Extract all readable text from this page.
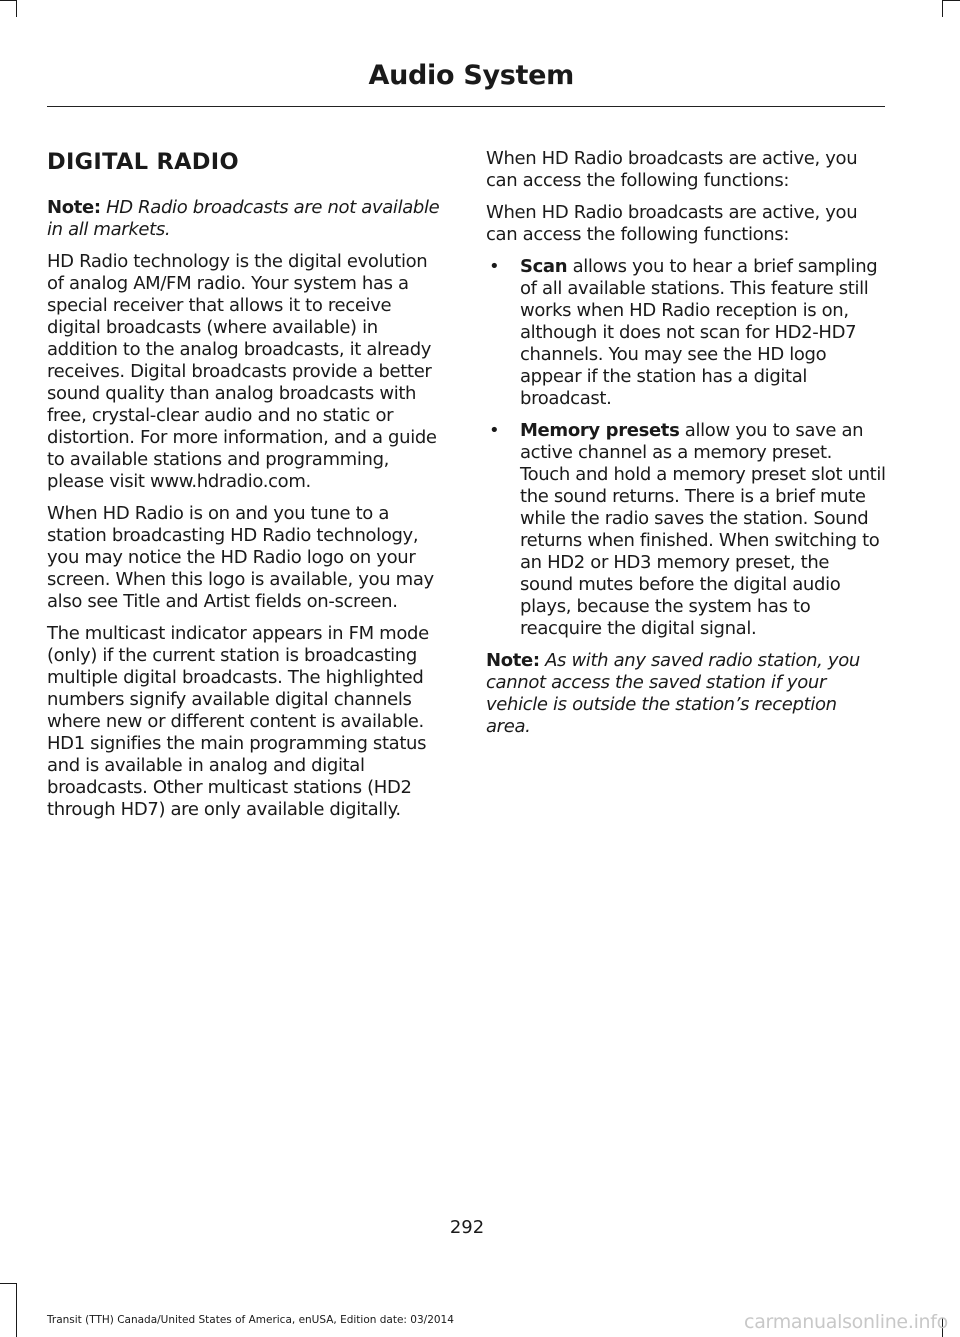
Audio System
DIGITAL RADIO

Note: HD Radio broadcasts are not available in all markets.

HD Radio technology is the digital evolution of analog AM/FM radio. Your system has a special receiver that allows it to receive digital broadcasts (where available) in addition to the analog broadcasts, it already receives. Digital broadcasts provide a better sound quality than analog broadcasts with free, crystal-clear audio and no static or distortion. For more information, and a guide to available stations and programming, please visit www.hdradio.com.

When HD Radio is on and you tune to a station broadcasting HD Radio technology, you may notice the HD Radio logo on your screen. When this logo is available, you may also see Title and Artist fields on-screen.

The multicast indicator appears in FM mode (only) if the current station is broadcasting multiple digital broadcasts. The highlighted numbers signify available digital channels where new or different content is available. HD1 signifies the main programming status and is available in analog and digital broadcasts. Other multicast stations (HD2 through HD7) are only available digitally.

When HD Radio broadcasts are active, you can access the following functions:

When HD Radio broadcasts are active, you can access the following functions:

• Scan allows you to hear a brief sampling of all available stations. This feature still works when HD Radio reception is on, although it does not scan for HD2-HD7 channels. You may see the HD logo appear if the station has a digital broadcast.
• Memory presets allow you to save an active channel as a memory preset. Touch and hold a memory preset slot until the sound returns. There is a brief mute while the radio saves the station. Sound returns when finished. When switching to an HD2 or HD3 memory preset, the sound mutes before the digital audio plays, because the system has to reacquire the digital signal.

Note: As with any saved radio station, you cannot access the saved station if your vehicle is outside the station’s reception area.

292
Transit (TTH) Canada/United States of America, enUSA, Edition date: 03/2014	carmanualsonline.info
